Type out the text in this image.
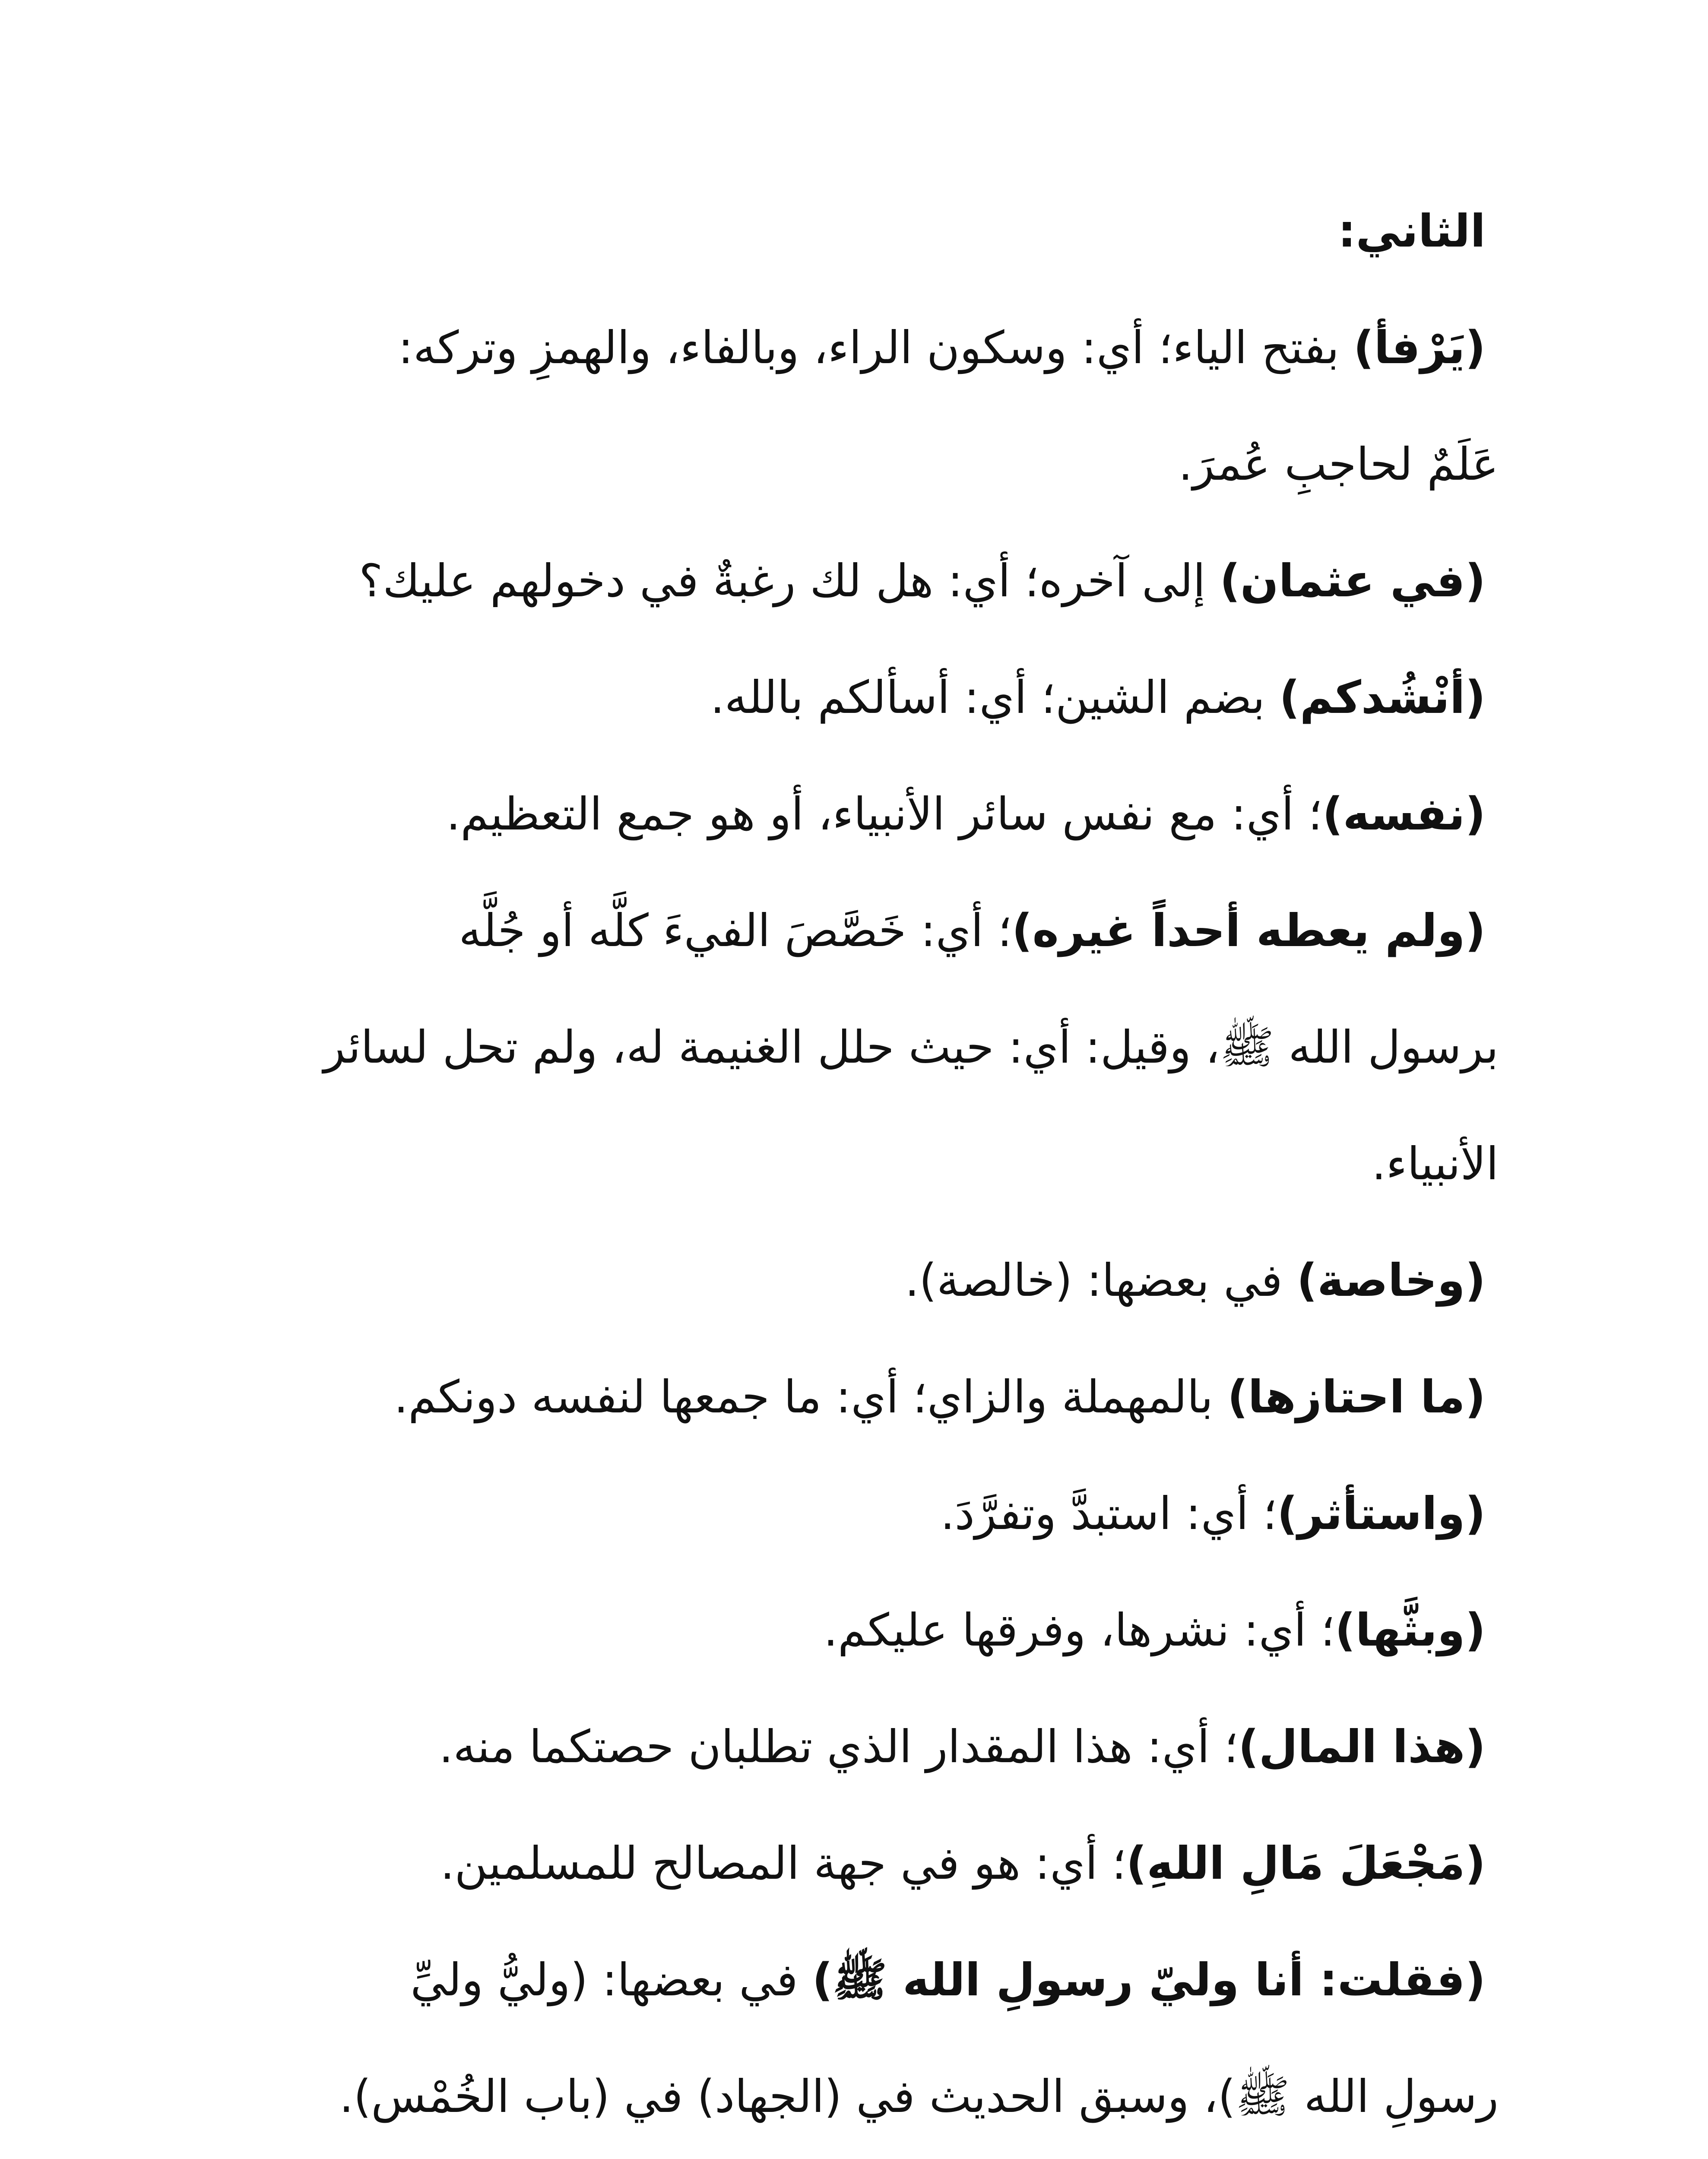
الثاني:
(يَرْفأ) بفتح الياء؛ أي: وسكون الراء، وبالفاء، والهمزِ وتركه:
عَلَمٌ لحاجبِ عُمرَ.
(في عثمان) إلى آخره؛ أي: هل لك رغبةٌ في دخولهم عليك؟
(أنْشُدكم) بضم الشين؛ أي: أسألكم بالله.
(نفسه)؛ أي: مع نفس سائر الأنبياء، أو هو جمع التعظيم.
(ولم يعطه أحداً غيره)؛ أي: خَصَّصَ الفيءَ كلَّه أو جُلَّه
برسول الله ﷺ، وقيل: أي: حيث حلل الغنيمة له، ولم تحل لسائر
الأنبياء.
(وخاصة) في بعضها: (خالصة).
(ما احتازها) بالمهملة والزاي؛ أي: ما جمعها لنفسه دونكم.
(واستأثر)؛ أي: استبدَّ وتفرَّدَ.
(وبثَّها)؛ أي: نشرها، وفرقها عليكم.
(هذا المال)؛ أي: هذا المقدار الذي تطلبان حصتكما منه.
(مَجْعَلَ مَالِ اللهِ)؛ أي: هو في جهة المصالح للمسلمين.
(فقلت: أنا وليّ رسولِ الله ﷺ) في بعضها: (وليُّ وليِّ
رسولِ الله ﷺ)، وسبق الحديث في (الجهاد) في (باب الخُمْس).
